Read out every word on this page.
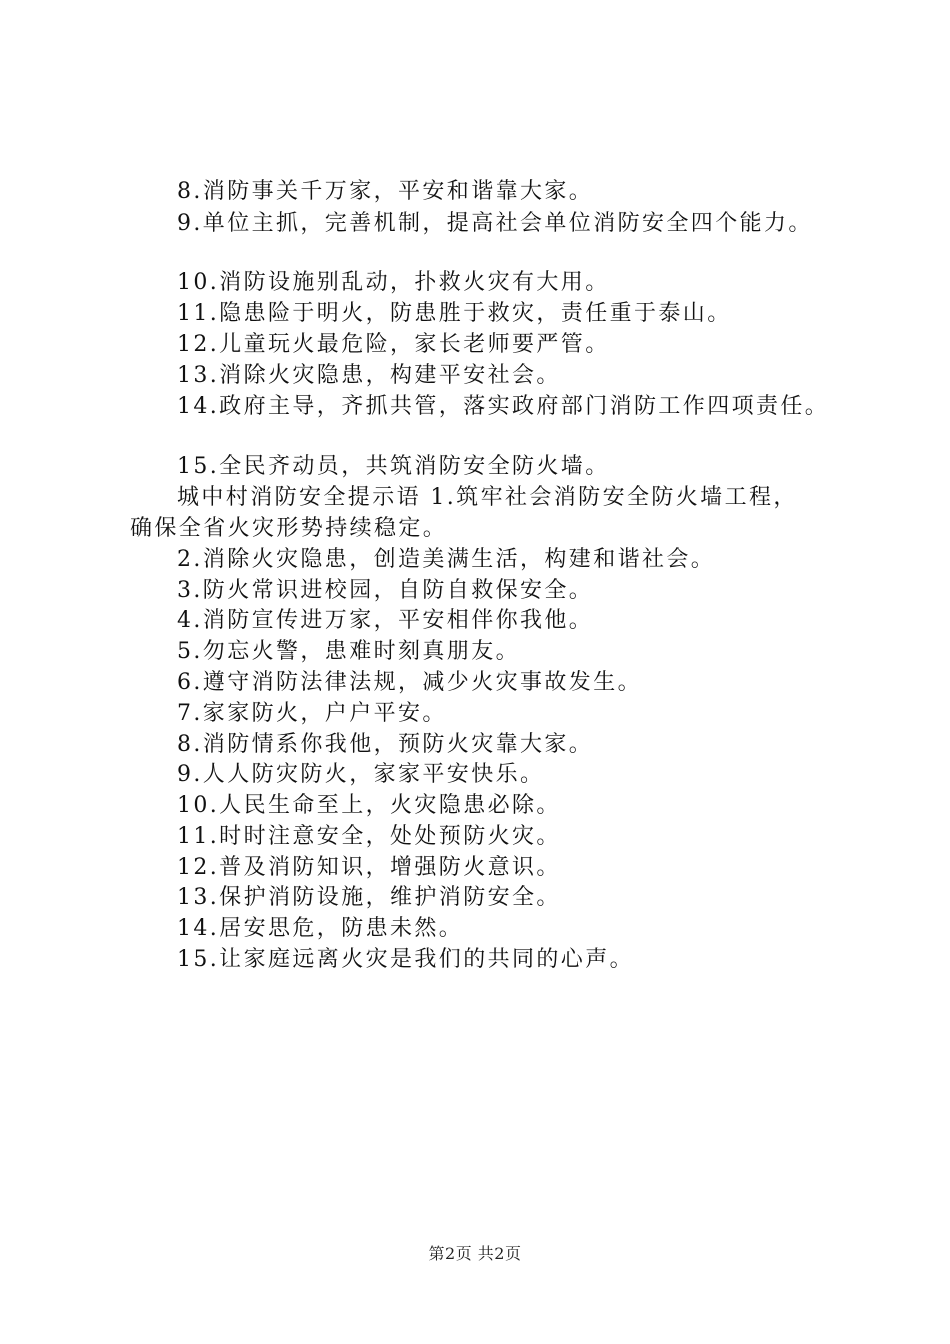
8.消防事关千万家，平安和谐靠大家。
9.单位主抓，完善机制，提高社会单位消防安全四个能力。
10.消防设施别乱动，扑救火灾有大用。
11.隐患险于明火，防患胜于救灾，责任重于泰山。
12.儿童玩火最危险，家长老师要严管。
13.消除火灾隐患，构建平安社会。
14.政府主导，齐抓共管，落实政府部门消防工作四项责任。
15.全民齐动员，共筑消防安全防火墙。
城中村消防安全提示语 1.筑牢社会消防安全防火墙工程，
确保全省火灾形势持续稳定。
2.消除火灾隐患，创造美满生活，构建和谐社会。
3.防火常识进校园，自防自救保安全。
4.消防宣传进万家，平安相伴你我他。
5.勿忘火警，患难时刻真朋友。
6.遵守消防法律法规，减少火灾事故发生。
7.家家防火，户户平安。
8.消防情系你我他，预防火灾靠大家。
9.人人防灾防火，家家平安快乐。
10.人民生命至上，火灾隐患必除。
11.时时注意安全，处处预防火灾。
12.普及消防知识，增强防火意识。
13.保护消防设施，维护消防安全。
14.居安思危，防患未然。
15.让家庭远离火灾是我们的共同的心声。
第2页 共2页
